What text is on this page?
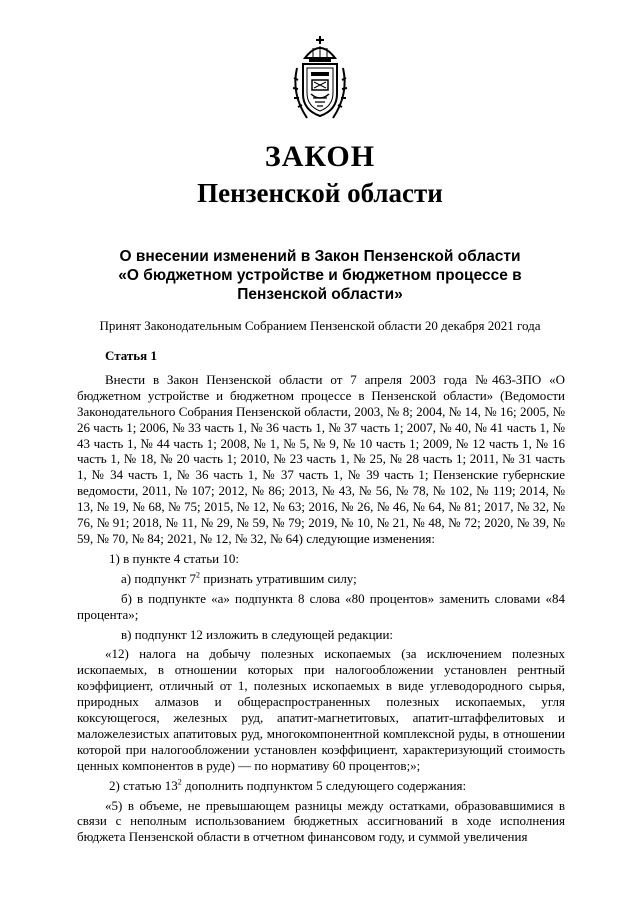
ЗАКОН
Пензенской области
О внесении изменений в Закон Пензенской области
«О бюджетном устройстве и бюджетном процессе в
Пензенской области»
Принят Законодательным Собранием Пензенской области 20 декабря 2021 года

Статья 1

Внести в Закон Пензенской области от 7 апреля 2003 года №463-ЗПО «О бюджетном устройстве и бюджетном процессе в Пензенской области» (Ведомости Законодательного Собрания Пензенской области, 2003, № 8; 2004, № 14, № 16; 2005, № 26 часть 1; 2006, № 33 часть 1, № 36 часть 1, № 37 часть 1; 2007, № 40, № 41 часть 1, № 43 часть 1, № 44 часть 1; 2008, № 1, № 5, № 9, № 10 часть 1; 2009, № 12 часть 1, № 16 часть 1, № 18, № 20 часть 1; 2010, № 23 часть 1, № 25, № 28 часть 1; 2011, № 31 часть 1, № 34 часть 1, № 36 часть 1, № 37 часть 1, № 39 часть 1; Пензенские губернские ведомости, 2011, № 107; 2012, № 86; 2013, № 43, № 56, № 78, № 102, № 119; 2014, № 13, № 19, № 68, № 75; 2015, № 12, № 63; 2016, № 26, № 46, № 64, № 81; 2017, № 32, № 76, № 91; 2018, № 11, № 29, № 59, № 79; 2019, № 10, № 21, № 48, № 72; 2020, № 39, № 59, № 70, № 84; 2021, № 12, № 32, № 64) следующие изменения:

1) в пункте 4 статьи 10:

а) подпункт $7^2$ признать утратившим силу;

б) в подпункте «а» подпункта 8 слова «80 процентов» заменить словами «84 процента»;

в) подпункт 12 изложить в следующей редакции:

«12) налога на добычу полезных ископаемых (за исключением полезных ископаемых, в отношении которых при налогообложении установлен рентный коэффициент, отличный от 1, полезных ископаемых в виде углеводородного сырья, природных алмазов и общераспространенных полезных ископаемых, угля коксующегося, железных руд, апатит-магнетитовых, апатит-штаффелитовых и маложелезистых апатитовых руд, многокомпонентной комплексной руды, в отношении которой при налогообложении установлен коэффициент, характеризующий стоимость ценных компонентов в руде) — по нормативу 60 процентов;»;

2) статью $13^2$ дополнить подпунктом 5 следующего содержания:

«5) в объеме, не превышающем разницы между остатками, образовавшимися в связи с неполным использованием бюджетных ассигнований в ходе исполнения бюджета Пензенской области в отчетном финансовом году, и суммой увеличения
